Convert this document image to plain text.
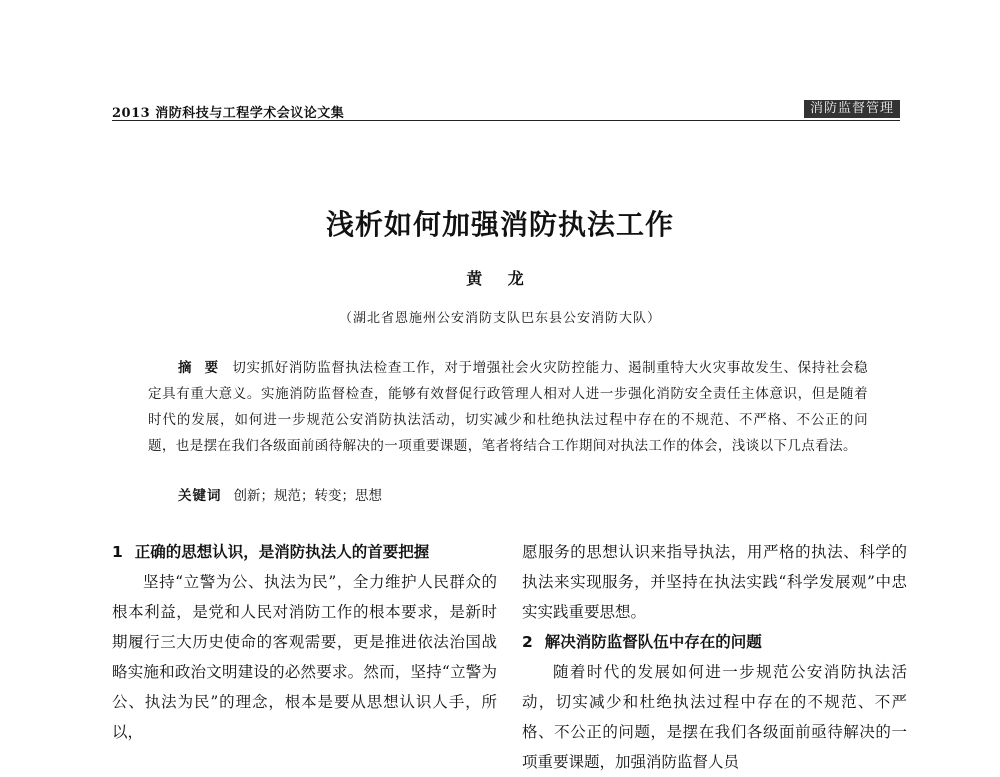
2013 消防科技与工程学术会议论文集	消防监督管理
浅析如何加强消防执法工作
黄 龙
（湖北省恩施州公安消防支队巴东县公安消防大队）
摘 要 切实抓好消防监督执法检查工作，对于增强社会火灾防控能力、遏制重特大火灾事故发生、保持社会稳定具有重大意义。实施消防监督检查，能够有效督促行政管理人相对人进一步强化消防安全责任主体意识，但是随着时代的发展，如何进一步规范公安消防执法活动，切实减少和杜绝执法过程中存在的不规范、不严格、不公正的问题，也是摆在我们各级面前函待解决的一项重要课题，笔者将结合工作期间对执法工作的体会，浅谈以下几点看法。
关键词 创新；规范；转变；思想
1 正确的思想认识，是消防执法人的首要把握

坚持“立警为公、执法为民”，全力维护人民群众的根本利益，是党和人民对消防工作的根本要求，是新时期履行三大历史使命的客观需要，更是推进依法治国战略实施和政治文明建设的必然要求。然而，坚持“立警为公、执法为民”的理念，根本是要从思想认识人手，所以，

愿服务的思想认识来指导执法，用严格的执法、科学的执法来实现服务，并坚持在执法实践“科学发展观”中忠实实践重要思想。

2 解决消防监督队伍中存在的问题

随着时代的发展如何进一步规范公安消防执法活动，切实减少和杜绝执法过程中存在的不规范、不严格、不公正的问题，是摆在我们各级面前亟待解决的一项重要课题，加强消防监督人员
